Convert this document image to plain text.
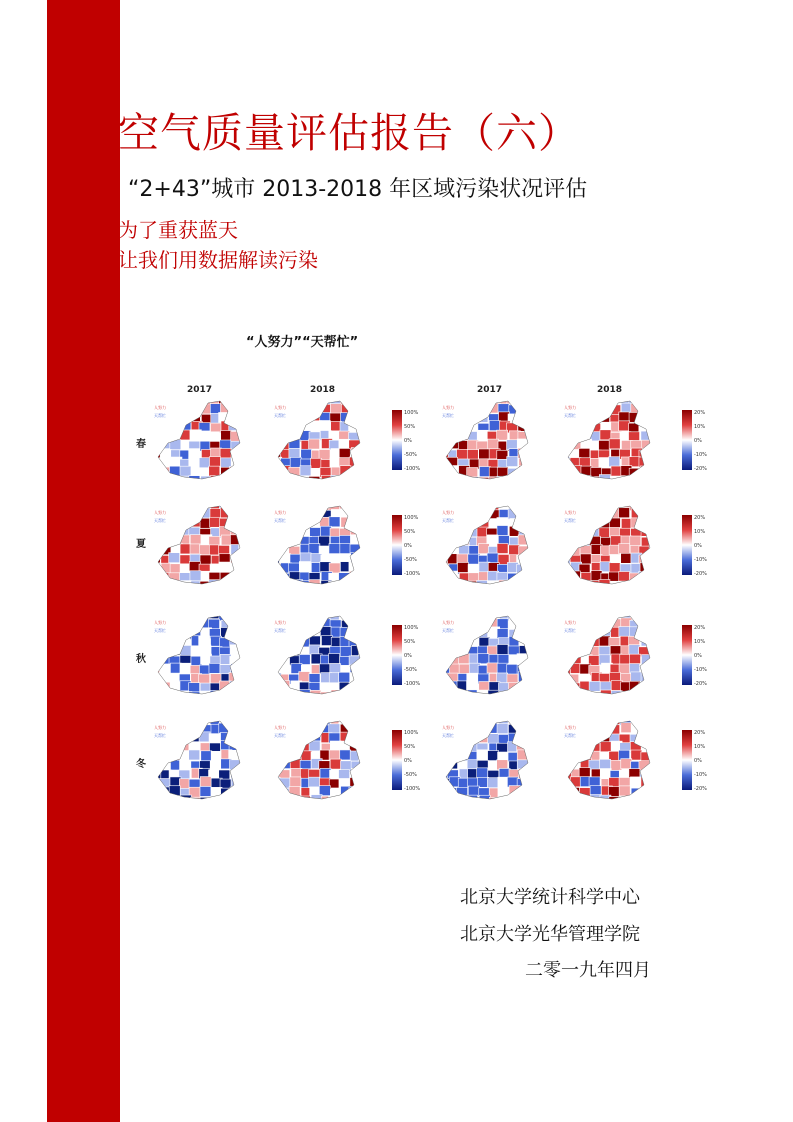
空气质量评估报告（六）
“2+43”城市 2013-2018 年区域污染状况评估
为了重获蓝天
让我们用数据解读污染
“人努力”“天帮忙”
2017	2018	2017	2018
春
夏
秋
冬
人努力
天帮忙
人努力
天帮忙
人努力
天帮忙
人努力
天帮忙
人努力
天帮忙
人努力
天帮忙
人努力
天帮忙
人努力
天帮忙
人努力
天帮忙
人努力
天帮忙
人努力
天帮忙
人努力
天帮忙
人努力
天帮忙
人努力
天帮忙
人努力
天帮忙
人努力
天帮忙
100%
50%
0%
-50%
-100%
20%
10%
0%
-10%
-20%
100%
50%
0%
-50%
-100%
20%
10%
0%
-10%
-20%
100%
50%
0%
-50%
-100%
20%
10%
0%
-10%
-20%
100%
50%
0%
-50%
-100%
20%
10%
0%
-10%
-20%
北京大学统计科学中心
北京大学光华管理学院
二零一九年四月
